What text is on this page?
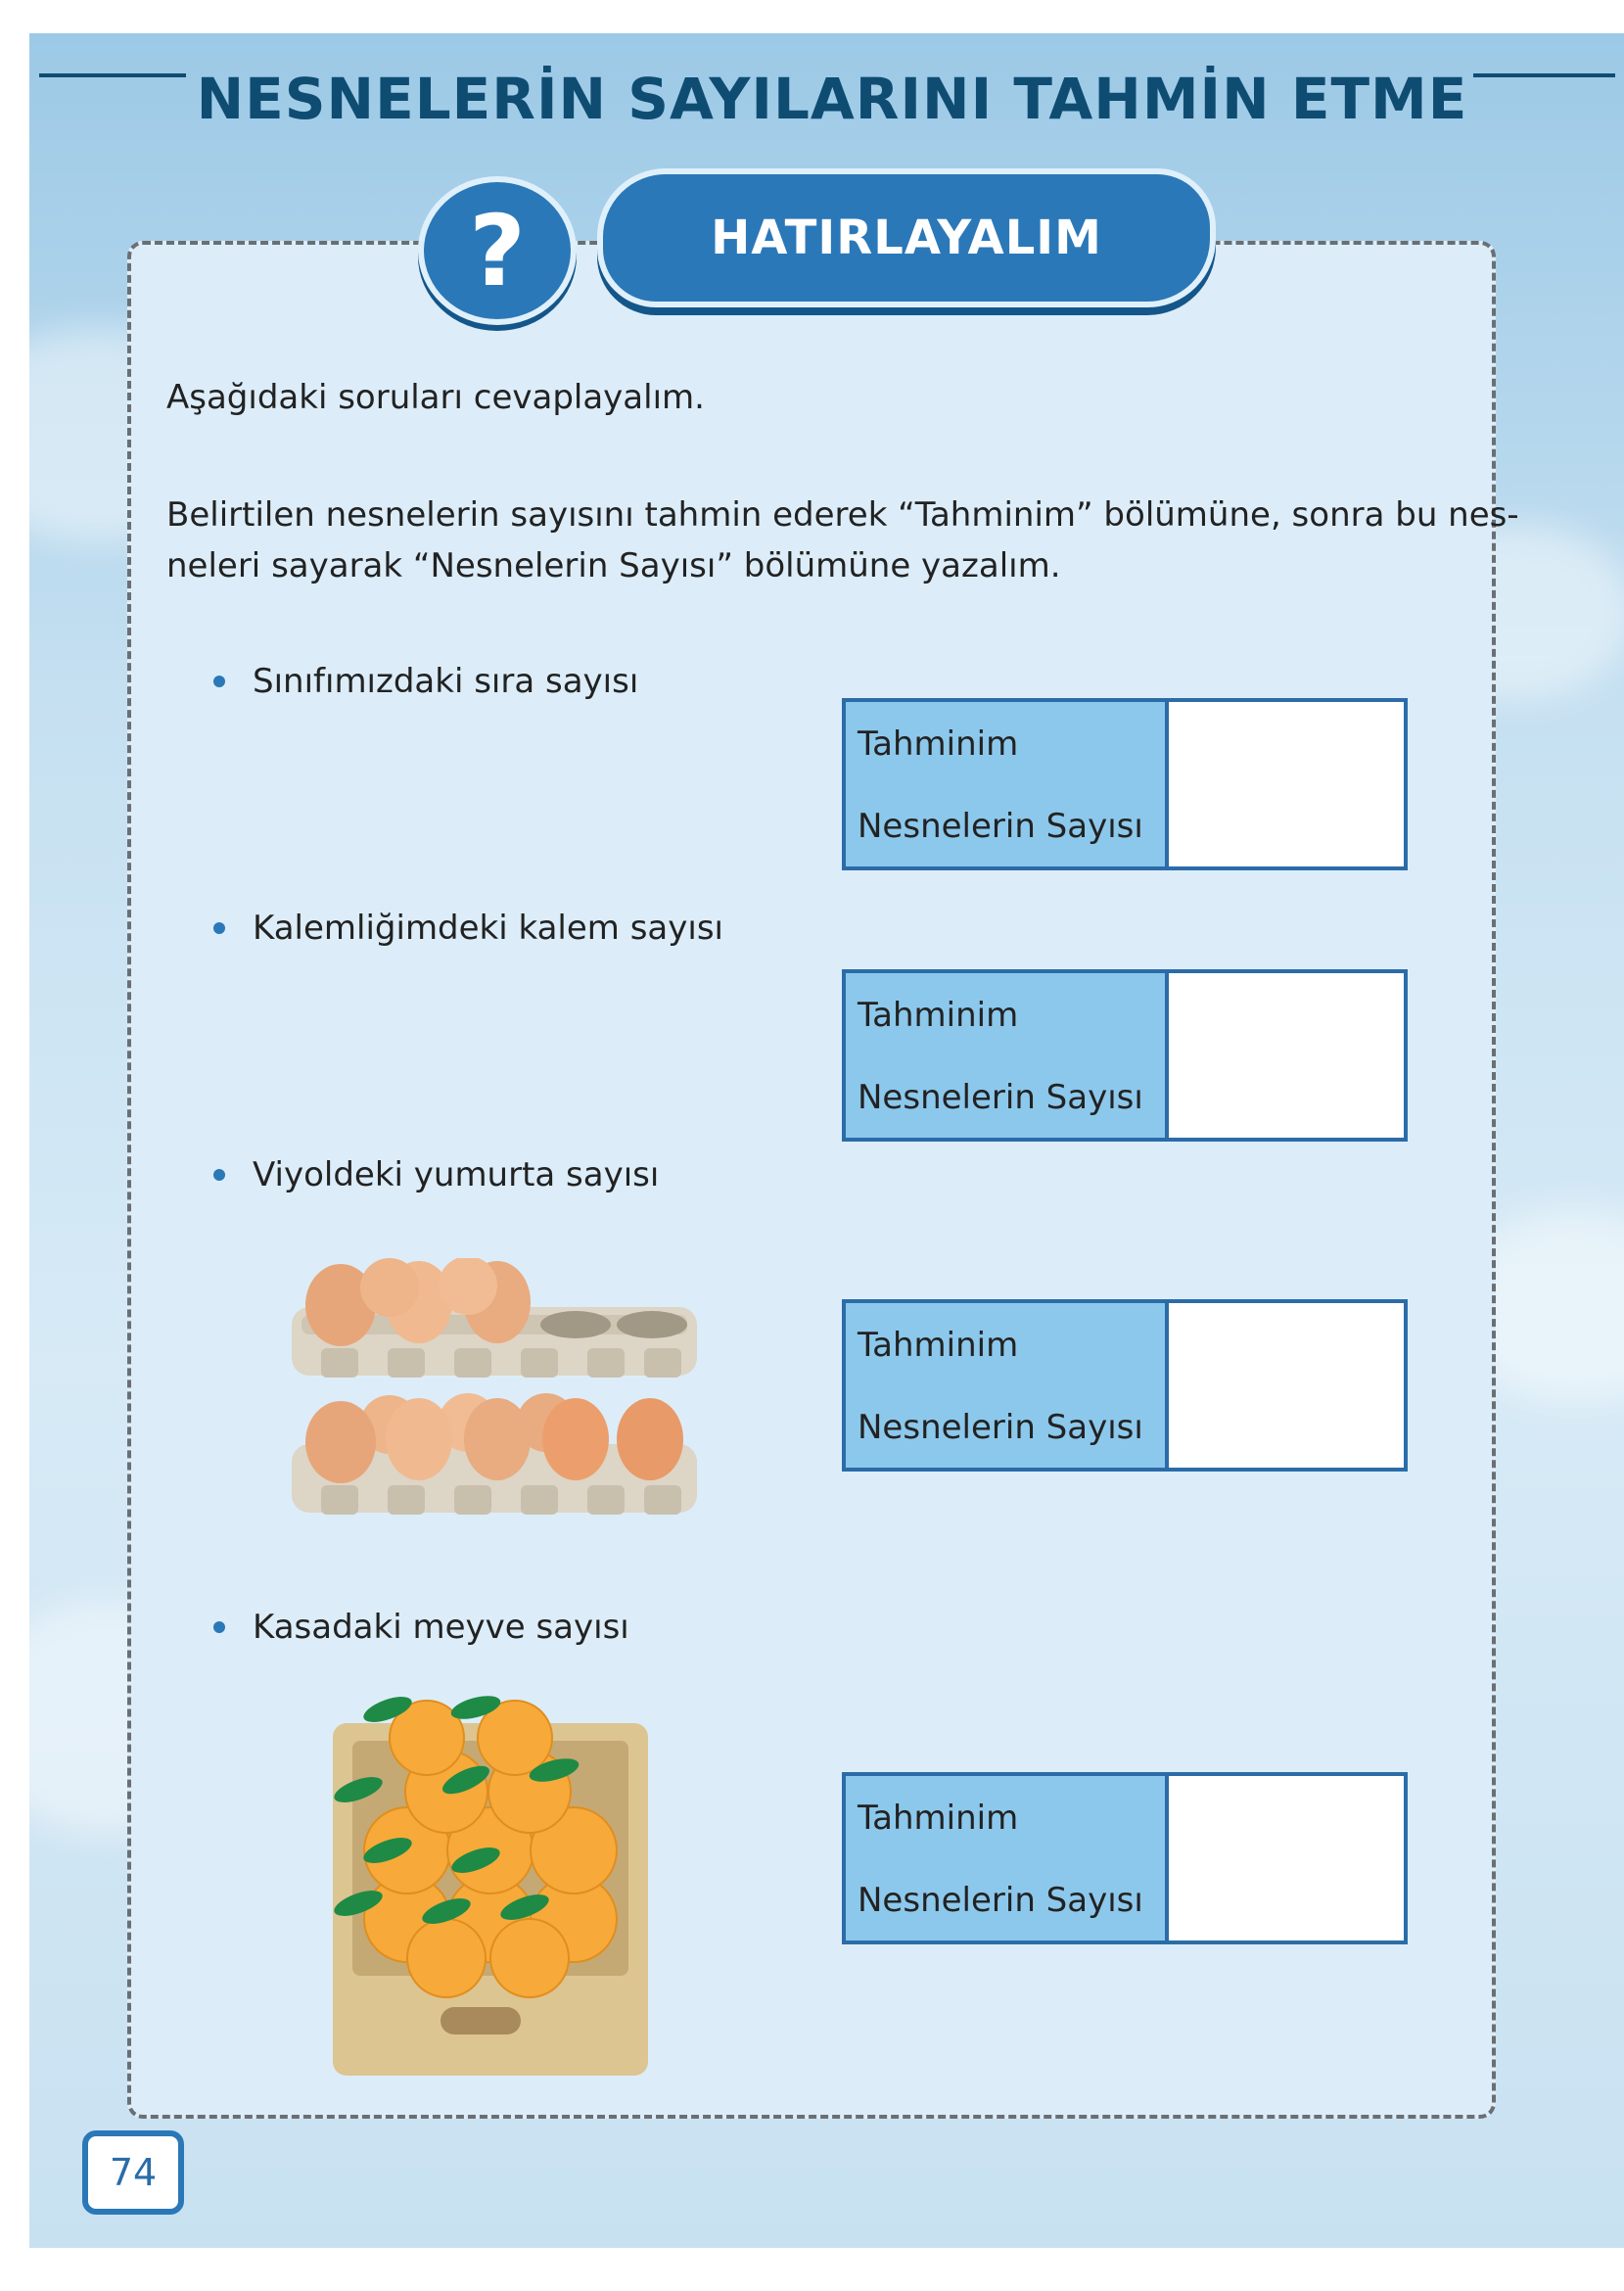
NESNELERİN SAYILARINI TAHMİN ETME
?	HATIRLAYALIM
Aşağıdaki soruları cevaplayalım.
Belirtilen nesnelerin sayısını tahmin ederek “Tahminim” bölümüne, sonra bu nes-
neleri sayarak “Nesnelerin Sayısı” bölümüne yazalım.
Sınıfımızdaki sıra sayısı
Tahminim
Nesnelerin Sayısı
Kalemliğimdeki kalem sayısı
Tahminim
Nesnelerin Sayısı
Viyoldeki yumurta sayısı
Tahminim
Nesnelerin Sayısı
Kasadaki meyve sayısı
Tahminim
Nesnelerin Sayısı
74
